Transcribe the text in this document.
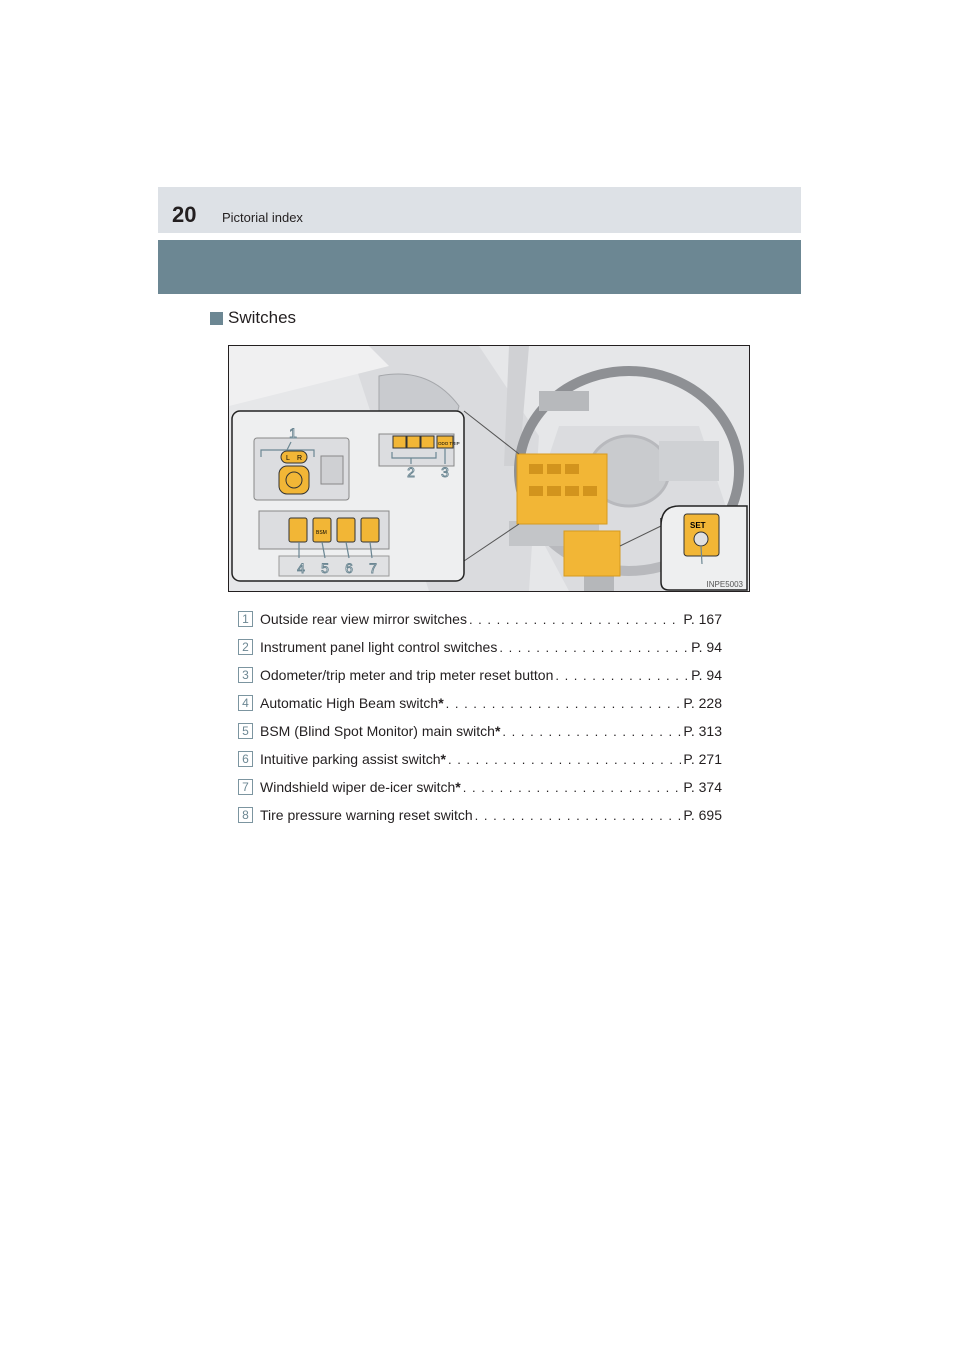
20 Pictorial index
Switches
L R
ODO TRIP
BSM
1
2 3
4 5 6 7
SET
INPE5003
1 Outside rear view mirror switches . . .	P. 167
2 Instrument panel light control switches . . .	P. 94
3 Odometer/trip meter and trip meter reset button . . .	P. 94
4 Automatic High Beam switch * . . .	P. 228
5 BSM (Blind Spot Monitor) main switch * . . .	P. 313
6 Intuitive parking assist switch * . . .	P. 271
7 Windshield wiper de-icer switch * . . .	P. 374
8 Tire pressure warning reset switch . . .	P. 695
